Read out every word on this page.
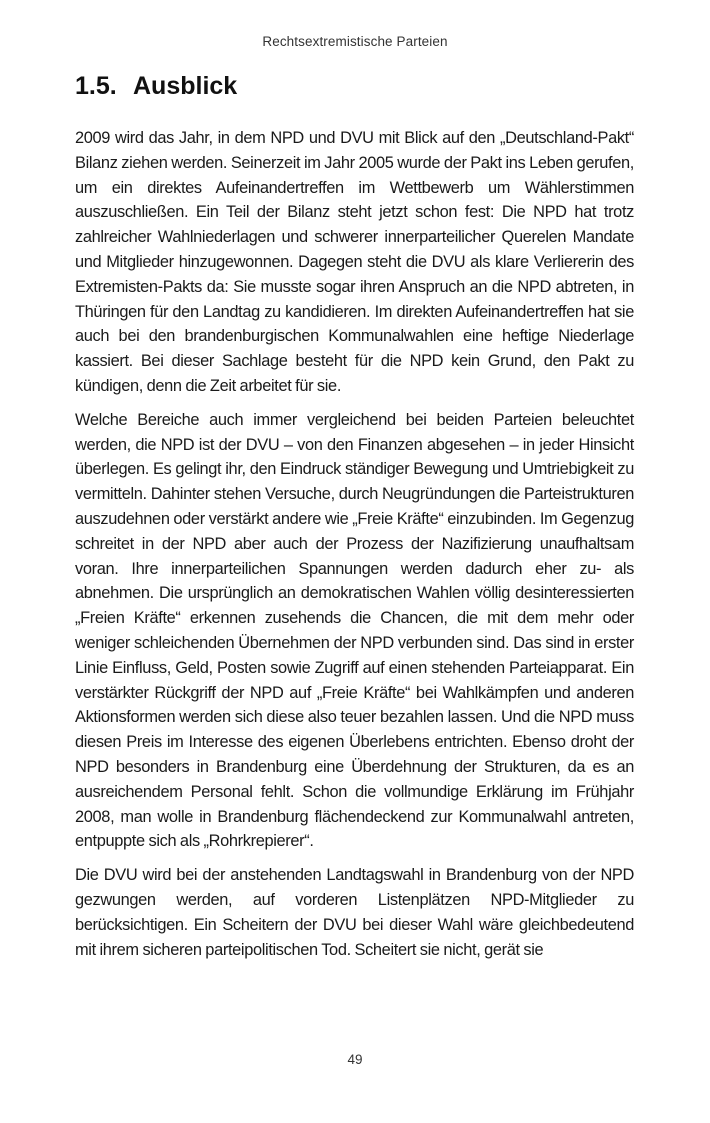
Rechtsextremistische Parteien
1.5. Ausblick

2009 wird das Jahr, in dem NPD und DVU mit Blick auf den „Deutschland-Pakt“ Bilanz ziehen werden. Seinerzeit im Jahr 2005 wurde der Pakt ins Leben gerufen, um ein direktes Aufeinandertreffen im Wettbewerb um Wählerstimmen auszuschließen. Ein Teil der Bilanz steht jetzt schon fest: Die NPD hat trotz zahlreicher Wahlniederlagen und schwerer innerparteilicher Querelen Mandate und Mitglieder hinzugewonnen. Dagegen steht die DVU als klare Verliererin des Extremisten-Pakts da: Sie musste sogar ihren Anspruch an die NPD abtreten, in Thüringen für den Landtag zu kandidieren. Im direkten Aufeinandertreffen hat sie auch bei den brandenburgischen Kommunalwahlen eine heftige Niederlage kassiert. Bei dieser Sachlage besteht für die NPD kein Grund, den Pakt zu kündigen, denn die Zeit arbeitet für sie.

Welche Bereiche auch immer vergleichend bei beiden Parteien beleuchtet werden, die NPD ist der DVU – von den Finanzen abgesehen – in jeder Hinsicht überlegen. Es gelingt ihr, den Eindruck ständiger Bewegung und Umtriebigkeit zu vermitteln. Dahinter stehen Versuche, durch Neugründungen die Parteistrukturen auszudehnen oder verstärkt andere wie „Freie Kräfte“ einzubinden. Im Gegenzug schreitet in der NPD aber auch der Prozess der Nazifizierung unaufhaltsam voran. Ihre innerparteilichen Spannungen werden dadurch eher zu- als abnehmen. Die ursprünglich an demokratischen Wahlen völlig desinteressierten „Freien Kräfte“ erkennen zusehends die Chancen, die mit dem mehr oder weniger schleichenden Übernehmen der NPD verbunden sind. Das sind in erster Linie Einfluss, Geld, Posten sowie Zugriff auf einen stehenden Parteiapparat. Ein verstärkter Rückgriff der NPD auf „Freie Kräfte“ bei Wahlkämpfen und anderen Aktionsformen werden sich diese also teuer bezahlen lassen. Und die NPD muss diesen Preis im Interesse des eigenen Überlebens entrichten. Ebenso droht der NPD besonders in Brandenburg eine Überdehnung der Strukturen, da es an ausreichendem Personal fehlt. Schon die vollmundige Erklärung im Frühjahr 2008, man wolle in Brandenburg flächendeckend zur Kommunalwahl antreten, entpuppte sich als „Rohrkrepierer“.

Die DVU wird bei der anstehenden Landtagswahl in Brandenburg von der NPD gezwungen werden, auf vorderen Listenplätzen NPD-Mitglieder zu berücksichtigen. Ein Scheitern der DVU bei dieser Wahl wäre gleichbedeutend mit ihrem sicheren parteipolitischen Tod. Scheitert sie nicht, gerät sie

49
